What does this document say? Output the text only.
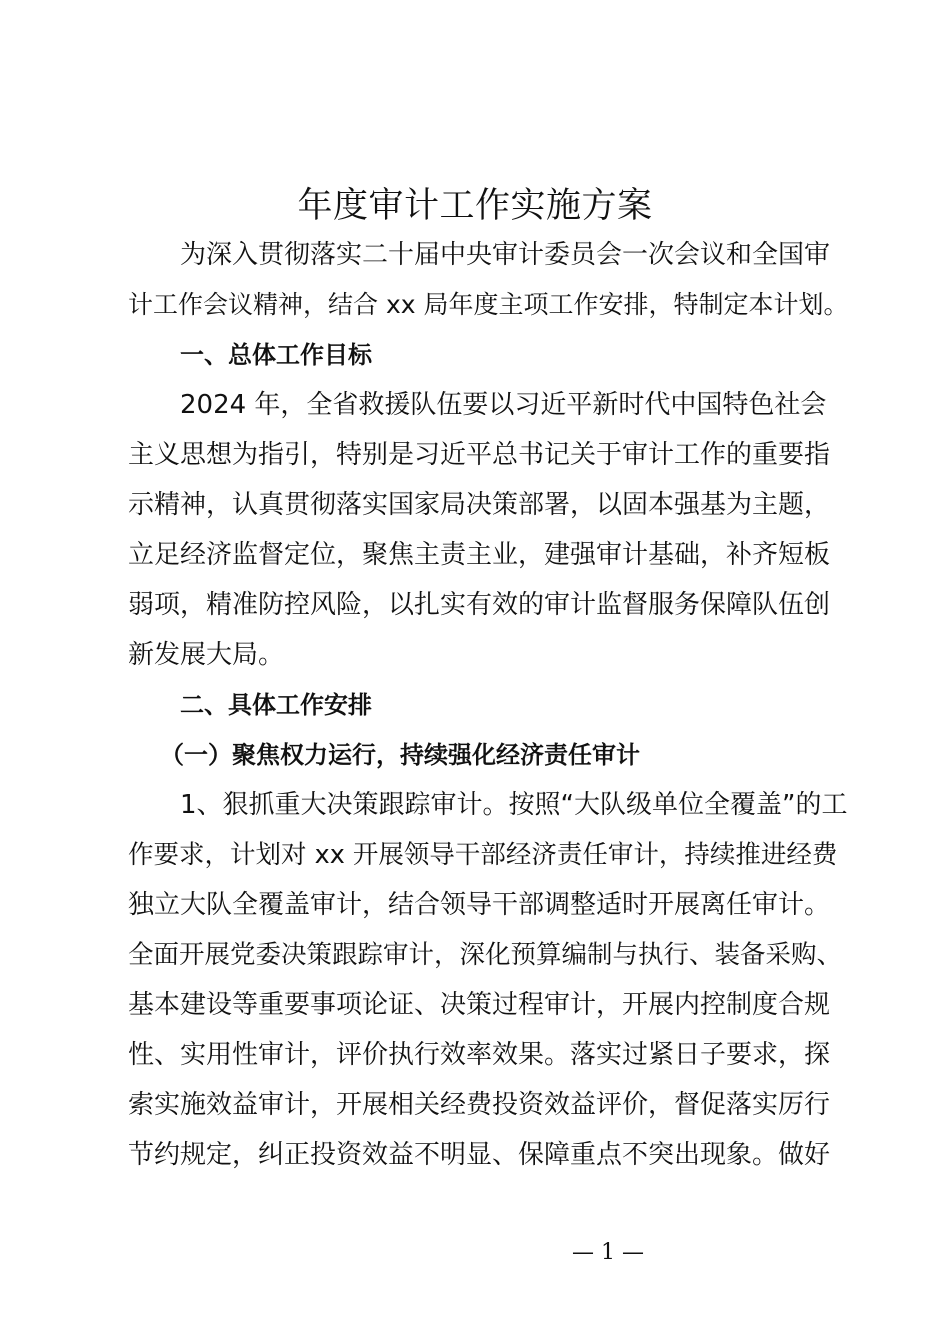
年度审计工作实施方案

为深入贯彻落实二十届中央审计委员会一次会议和全国审

计工作会议精神，结合 xx 局年度主项工作安排，特制定本计划。

一、总体工作目标

2024 年，全省救援队伍要以习近平新时代中国特色社会

主义思想为指引，特别是习近平总书记关于审计工作的重要指

示精神，认真贯彻落实国家局决策部署，以固本强基为主题，

立足经济监督定位，聚焦主责主业，建强审计基础，补齐短板

弱项，精准防控风险，以扎实有效的审计监督服务保障队伍创

新发展大局。

二、具体工作安排

（一）聚焦权力运行，持续强化经济责任审计

1、狠抓重大决策跟踪审计。按照“大队级单位全覆盖”的工

作要求，计划对 xx 开展领导干部经济责任审计，持续推进经费

独立大队全覆盖审计，结合领导干部调整适时开展离任审计。

全面开展党委决策跟踪审计，深化预算编制与执行、装备采购、

基本建设等重要事项论证、决策过程审计，开展内控制度合规

性、实用性审计，评价执行效率效果。落实过紧日子要求，探

索实施效益审计，开展相关经费投资效益评价，督促落实厉行

节约规定，纠正投资效益不明显、保障重点不突出现象。做好

— 1 —
